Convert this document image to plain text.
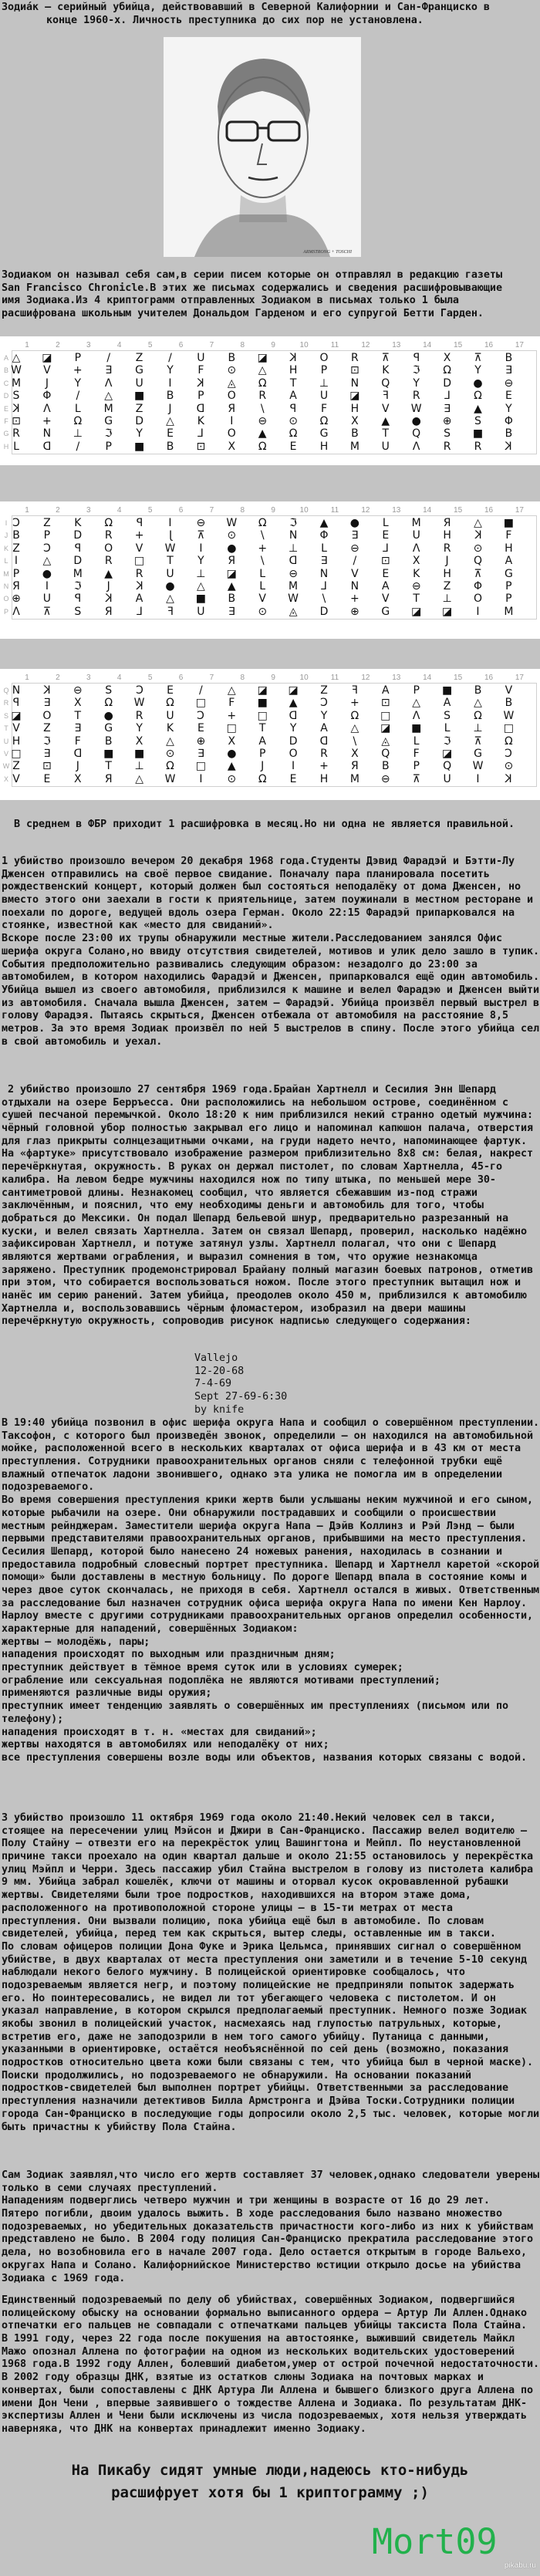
Зодиа́к – серийный убийца, действовавший в Северной Калифорнии и Сан-Франциско в
конце 1960-х. Личность преступника до сих пор не установлена.
ARMSTRONG + TOSCHI
Зодиаком он называл себя сам,в серии писем которые он отправлял в редакцию газеты
San Francisco Chronicle.В этих же письмах содержались и сведения расшифровывающие
имя Зодиака.Из 4 криптограмм отправленных Зодиаком в письмах только 1 была
расшифрована школьным учителем Дональдом Гарденом и его супругой Бетти Гарден.
1	2	3	4	5	6	7	8	9	10	11	12	13	14	15	16	17
A △	◪	P	/	Z	/	U	B	◪	K	O	R	⊼	P	X	⊼	B
B W	V	+	∃	G	Y	F	⊙	△	H	P	⊡	K	ℑ	Ω	Y	∃
C M	J	Y	Λ	U	I	K	◬	Ω	T	⊥	N	Q	Y	D	●	⊖
D S	Φ	/	△	■	B	P	O	R	A	U	◪	F	R	L	Ω	E
E K	Λ	L	M	Z	J	D	Я	\	P	F	H	V	W	∃	▲	Y
F ⊡	+	Ω	G	D	△	K	I	⊖	⊙	Ω	X	▲	●	⊕	S	Φ
G R	N	⊥	ℑ	Y	E	L	O	▲	Ω	G	B	T	Q	S	■	B
H L	D	/	P	■	B	⊡	X	Ω	E	H	M	U	Λ	R	R	K
1	2	3	4	5	6	7	8	9	10	11	12	13	14	15	16	17
I C	Z	K	Ω	P	I	⊖	W	Ω	ℑ	▲	●	L	M	Я	△	■
J B	P	D	R	+	J	⊼	⊙	\	N	Φ	∃	E	U	H	K	F
K Z	C	P	O	V	W	I	●	+	⊥	L	⊖	L	Λ	R	⊙	H
L I	△	D	R	□	T	Y	Я	\	D	∃	/	⊡	X	J	Q	A
M P	●	M	▲	R	U	⊥	◪	L	⊖	N	V	E	K	H	⊼	G
N Я	I	ℑ	J	K	●	△	▲	L	M	L	N	A	⊖	Z	Φ	P
O ⊕	U	P	K	A	△	■	B	V	W	\	+	V	T	⊥	O	P
P Λ	⊼	S	Я	L	F	U	∃	⊙	◬	D	⊕	G	◪	◪	I	M
1	2	3	4	5	6	7	8	9	10	11	12	13	14	15	16	17
Q N	K	⊖	S	C	E	/	△	◪	◪	Z	F	A	P	■	B	V
R P	∃	X	Ω	W	Ω	□	F	■	▲	C	+	⊡	△	A	△	B
S ◪	O	T	●	R	U	C	+	□	D	Y	Ω	□	Λ	S	Ω	W
T V	Z	∃	G	Y	K	E	□	T	Y	A	△	◪	■	L	⊥	□
U H	ℑ	F	B	X	△	⊕	X	A	D	D	\	◬	L	ℑ	⊼	Ω
V □	∃	D	■	■	⊙	∃	●	P	O	R	X	Q	F	◪	G	C
W Z	⊡	J	T	⊥	Ω	□	▲	J	I	+	Я	B	P	Q	W	⊙
X V	E	X	Я	△	W	I	⊙	Ω	E	H	M	⊖	⊼	U	I	K
В среднем в ФБР приходит 1 расшифровка в месяц.Но ни одна не является правильной.
1 убийство произошло вечером 20 декабря 1968 года.Студенты Дэвид Фарадэй и Бэтти-Лу
Дженсен отправились на своё первое свидание. Поначалу пара планировала посетить
рождественский концерт, который должен был состояться неподалёку от дома Дженсен, но
вместо этого они заехали в гости к приятельнице, затем поужинали в местном ресторане и
поехали по дороге, ведущей вдоль озера Герман. Около 22:15 Фарадэй припарковался на
стоянке, известной как «место для свиданий».
Вскоре после 23:00 их трупы обнаружили местные жители.Расследованием занялся Офис
шерифа округа Солано,но ввиду отсутствия свидетелей, мотивов и улик дело зашло в тупик.
События предположительно развивались следующим образом: незадолго до 23:00 за
автомобилем, в котором находились Фарадэй и Дженсен, припарковался ещё один автомобиль.
Убийца вышел из своего автомобиля, приблизился к машине и велел Фарадэю и Дженсен выйти
из автомобиля. Сначала вышла Дженсен, затем – Фарадэй. Убийца произвёл первый выстрел в
голову Фарадэя. Пытаясь скрыться, Дженсен отбежала от автомобиля на расстояние 8,5
метров. За это время Зодиак произвёл по ней 5 выстрелов в спину. После этого убийца сел
в свой автомобиль и уехал.
2 убийство произошло 27 сентября 1969 года.Брайан Хартнелл и Сесилия Энн Шепард
отдыхали на озере Берръесса. Они расположились на небольшом острове, соединённом с
сушей песчаной перемычкой. Около 18:20 к ним приблизился некий странно одетый мужчина:
чёрный головной убор полностью закрывал его лицо и напоминал капюшон палача, отверстия
для глаз прикрыты солнцезащитными очками, на груди надето нечто, напоминающее фартук.
На «фартуке» присутствовало изображение размером приблизительно 8x8 см: белая, накрест
перечёркнутая, окружность. В руках он держал пистолет, по словам Хартнелла, 45-го
калибра. На левом бедре мужчины находился нож по типу штыка, по меньшей мере 30-
сантиметровой длины. Незнакомец сообщил, что является сбежавшим из-под стражи
заключённым, и пояснил, что ему необходимы деньги и автомобиль для того, чтобы
добраться до Мексики. Он подал Шепард бельевой шнур, предварительно разрезанный на
куски, и велел связать Хартнелла. Затем он связал Шепард, проверил, насколько надёжно
зафиксирован Хартнелл, и потуже затянул узлы. Хартнелл полагал, что они с Шепард
являются жертвами ограбления, и выразил сомнения в том, что оружие незнакомца
заряжено. Преступник продемонстрировал Брайану полный магазин боевых патронов, отметив
при этом, что собирается воспользоваться ножом. После этого преступник вытащил нож и
нанёс им серию ранений. Затем убийца, преодолев около 450 м, приблизился к автомобилю
Хартнелла и, воспользовавшись чёрным фломастером, изобразил на двери машины
перечёркнутую окружность, сопроводив рисунок надписью следующего содержания:
Vallejo
12-20-68
7-4-69
Sept 27-69-6:30
by knife
В 19:40 убийца позвонил в офис шерифа округа Напа и сообщил о совершённом преступлении.
Таксофон, с которого был произведён звонок, определили – он находился на автомобильной
мойке, расположенной всего в нескольких кварталах от офиса шерифа и в 43 км от места
преступления. Сотрудники правоохранительных органов сняли с телефонной трубки ещё
влажный отпечаток ладони звонившего, однако эта улика не помогла им в определении
подозреваемого.
Во время совершения преступления крики жертв были услышаны неким мужчиной и его сыном,
которые рыбачили на озере. Они обнаружили пострадавших и сообщили о происшествии
местным рейнджерам. Заместители шерифа округа Напа – Дэйв Коллинз и Рэй Лэнд – были
первыми представителями правоохранительных органов, прибывшими на место преступления.
Сесилия Шепард, которой было нанесено 24 ножевых ранения, находилась в сознании и
предоставила подробный словесный портрет преступника. Шепард и Хартнелл каретой «скорой
помощи» были доставлены в местную больницу. По дороге Шепард впала в состояние комы и
через двое суток скончалась, не приходя в себя. Хартнелл остался в живых. Ответственным
за расследование был назначен сотрудник офиса шерифа округа Напа по имени Кен Нарлоу.
Нарлоу вместе с другими сотрудниками правоохранительных органов определил особенности,
характерные для нападений, совершённых Зодиаком:
жертвы – молодёжь, пары;
нападения происходят по выходным или праздничным дням;
преступник действует в тёмное время суток или в условиях сумерек;
ограбление или сексуальная подоплёка не являются мотивами преступлений;
применяются различные виды оружия;
преступник имеет тенденцию заявлять о совершённых им преступлениях (письмом или по
телефону);
нападения происходят в т. н. «местах для свиданий»;
жертвы находятся в автомобилях или неподалёку от них;
все преступления совершены возле воды или объектов, названия которых связаны с водой.
3 убийство произошло 11 октября 1969 года около 21:40.Некий человек сел в такси,
стоящее на пересечении улиц Мэйсон и Джири в Сан-Франциско. Пассажир велел водителю –
Полу Стайну – отвезти его на перекрёсток улиц Вашингтона и Мейпл. По неустановленной
причине такси проехало на один квартал дальше и около 21:55 остановилось у перекрёстка
улиц Мэйпл и Черри. Здесь пассажир убил Стайна выстрелом в голову из пистолета калибра
9 мм. Убийца забрал кошелёк, ключи от машины и оторвал кусок окровавленной рубашки
жертвы. Свидетелями были трое подростков, находившихся на втором этаже дома,
расположенного на противоположной стороне улицы – в 15-ти метрах от места
преступления. Они вызвали полицию, пока убийца ещё был в автомобиле. По словам
свидетелей, убийца, перед тем как скрыться, вытер следы, оставленные им в такси.
По словам офицеров полиции Дона Фуке и Эрика Цельмса, принявших сигнал о совершённом
убийстве, в двух кварталах от места преступления они заметили и в течение 5-10 секунд
наблюдали некого белого мужчину. В полицейской ориентировке сообщалось, что
подозреваемым является негр, и поэтому полицейские не предприняли попыток задержать
его. Но поинтересовались, не видел ли тот убегающего человека с пистолетом. И он
указал направление, в котором скрылся предполагаемый преступник. Немного позже Зодиак
якобы звонил в полицейский участок, насмехаясь над глупостью патрульных, которые,
встретив его, даже не заподозрили в нем того самого убийцу. Путаница с данными,
указанными в ориентировке, остаётся необъяснённой по сей день (возможно, показания
подростков относительно цвета кожи были связаны с тем, что убийца был в черной маске).
Поиски продолжились, но подозреваемого не обнаружили. На основании показаний
подростков-свидетелей был выполнен портрет убийцы. Ответственными за расследование
преступления назначили детективов Билла Армстронга и Дэйва Тоски.Сотрудники полиции
города Сан-Франциско в последующие годы допросили около 2,5 тыс. человек, которые могли
быть причастны к убийству Пола Стайна.
Сам Зодиак заявлял,что число его жертв составляет 37 человек,однако следователи уверены
только в семи случаях преступлений.
Нападениям подверглись четверо мужчин и три женщины в возрасте от 16 до 29 лет.
Пятеро погибли, двоим удалось выжить. В ходе расследования было названо множество
подозреваемых, но убедительных доказательств причастности кого-либо из них к убийствам
представлено не было. В 2004 году полиция Сан-Франциско прекратила расследование этого
дела, но возобновила его в начале 2007 года. Дело остается открытым в городе Вальехо,
округах Напа и Солано. Калифорнийское Министерство юстиции открыло досье на убийства
Зодиака с 1969 года.
Единственный подозреваемый по делу об убийствах, совершённых Зодиаком, подвергшийся
полицейскому обыску на основании формально выписанного ордера – Артур Ли Аллен.Однако
отпечатки его пальцев не совпадали с отпечатками пальцев убийцы таксиста Пола Стайна.
В 1991 году, через 22 года после покушения на автостоянке, выживший свидетель Майкл
Мажо опознал Аллена по фотографии на одном из нескольких водительских удостоверений
1968 года.В 1992 году Аллен, болевший диабетом,умер от острой почечной недостаточности.
В 2002 году образцы ДНК, взятые из остатков слюны Зодиака на почтовых марках и
конвертах, были сопоставлены с ДНК Артура Ли Аллена и бывшего близкого друга Аллена по
имени Дон Чени , впервые заявившего о тождестве Аллена и Зодиака. По результатам ДНК-
экспертизы Аллен и Чени были исключены из числа подозреваемых, хотя нельзя утверждать
наверняка, что ДНК на конвертах принадлежит именно Зодиаку.
На Пикабу сидят умные люди,надеюсь кто-нибудь
расшифрует хотя бы 1 криптограмму ;)
Mort09
pikabu.ru
